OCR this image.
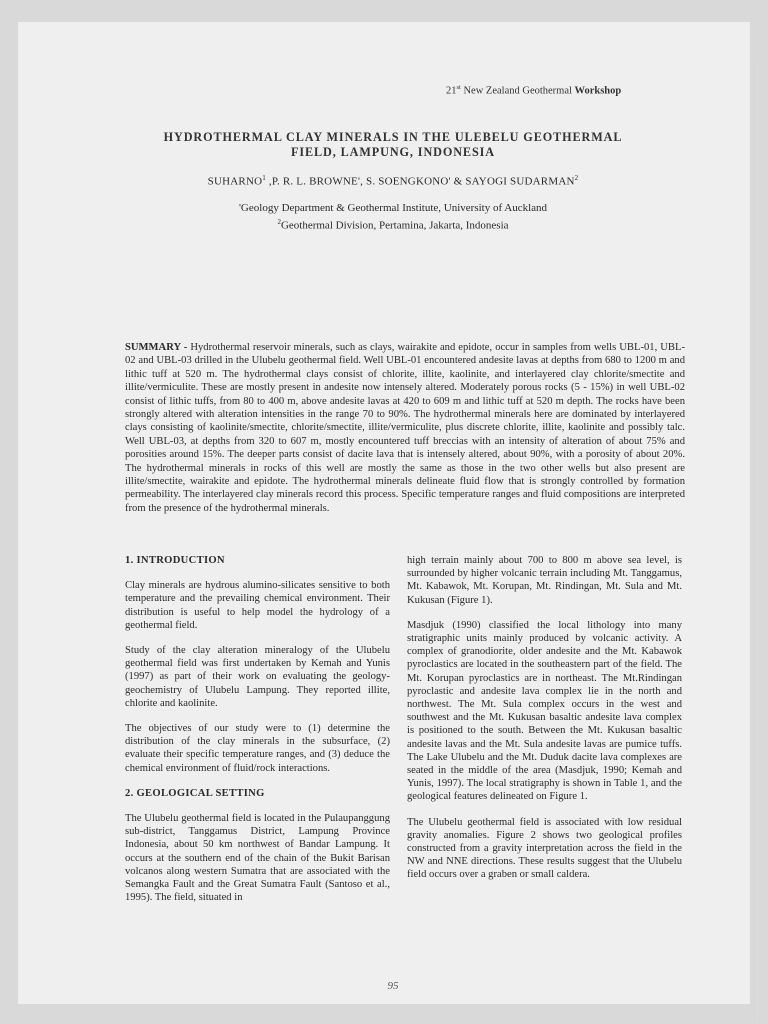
21st New Zealand Geothermal Workshop
HYDROTHERMAL CLAY MINERALS IN THE ULEBELU GEOTHERMAL
FIELD, LAMPUNG, INDONESIA
SUHARNO$^1$ ,P. R. L. BROWNE', S. SOENGKONO' & SAYOGI SUDARMAN$^2$
'Geology Department & Geothermal Institute, University of Auckland
$^2$Geothermal Division, Pertamina, Jakarta, Indonesia
SUMMARY - Hydrothermal reservoir minerals, such as clays, wairakite and epidote, occur in samples from wells UBL-01, UBL-02 and UBL-03 drilled in the Ulubelu geothermal field. Well UBL-01 encountered andesite lavas at depths from 680 to 1200 m and lithic tuff at 520 m. The hydrothermal clays consist of chlorite, illite, kaolinite, and interlayered clay chlorite/smectite and illite/vermiculite. These are mostly present in andesite now intensely altered. Moderately porous rocks (5 - 15%) in well UBL-02 consist of lithic tuffs, from 80 to 400 m, above andesite lavas at 420 to 609 m and lithic tuff at 520 m depth. The rocks have been strongly altered with alteration intensities in the range 70 to 90%. The hydrothermal minerals here are dominated by interlayered clays consisting of kaolinite/smectite, chlorite/smectite, illite/vermiculite, plus discrete chlorite, illite, kaolinite and possibly talc. Well UBL-03, at depths from 320 to 607 m, mostly encountered tuff breccias with an intensity of alteration of about 75% and porosities around 15%. The deeper parts consist of dacite lava that is intensely altered, about 90%, with a porosity of about 20%. The hydrothermal minerals in rocks of this well are mostly the same as those in the two other wells but also present are illite/smectite, wairakite and epidote. The hydrothermal minerals delineate fluid flow that is strongly controlled by formation permeability. The interlayered clay minerals record this process. Specific temperature ranges and fluid compositions are interpreted from the presence of the hydrothermal minerals.
1. INTRODUCTION

Clay minerals are hydrous alumino-silicates sensitive to both temperature and the prevailing chemical environment. Their distribution is useful to help model the hydrology of a geothermal field.

Study of the clay alteration mineralogy of the Ulubelu geothermal field was first undertaken by Kemah and Yunis (1997) as part of their work on evaluating the geology-geochemistry of Ulubelu Lampung. They reported illite, chlorite and kaolinite.

The objectives of our study were to (1) determine the distribution of the clay minerals in the subsurface, (2) evaluate their specific temperature ranges, and (3) deduce the chemical environment of fluid/rock interactions.

2. GEOLOGICAL SETTING

The Ulubelu geothermal field is located in the Pulaupanggung sub-district, Tanggamus District, Lampung Province Indonesia, about 50 km northwest of Bandar Lampung. It occurs at the southern end of the chain of the Bukit Barisan volcanos along western Sumatra that are associated with the Semangka Fault and the Great Sumatra Fault (Santoso et al., 1995). The field, situated in

high terrain mainly about 700 to 800 m above sea level, is surrounded by higher volcanic terrain including Mt. Tanggamus, Mt. Kabawok, Mt. Korupan, Mt. Rindingan, Mt. Sula and Mt. Kukusan (Figure 1).

Masdjuk (1990) classified the local lithology into many stratigraphic units mainly produced by volcanic activity. A complex of granodiorite, older andesite and the Mt. Kabawok pyroclastics are located in the southeastern part of the field. The Mt. Korupan pyroclastics are in northeast. The Mt.Rindingan pyroclastic and andesite lava complex lie in the north and northwest. The Mt. Sula complex occurs in the west and southwest and the Mt. Kukusan basaltic andesite lava complex is positioned to the south. Between the Mt. Kukusan basaltic andesite lavas and the Mt. Sula andesite lavas are pumice tuffs. The Lake Ulubelu and the Mt. Duduk dacite lava complexes are seated in the middle of the area (Masdjuk, 1990; Kemah and Yunis, 1997). The local stratigraphy is shown in Table 1, and the geological features delineated on Figure 1.

The Ulubelu geothermal field is associated with low residual gravity anomalies. Figure 2 shows two geological profiles constructed from a gravity interpretation across the field in the NW and NNE directions. These results suggest that the Ulubelu field occurs over a graben or small caldera.

95
